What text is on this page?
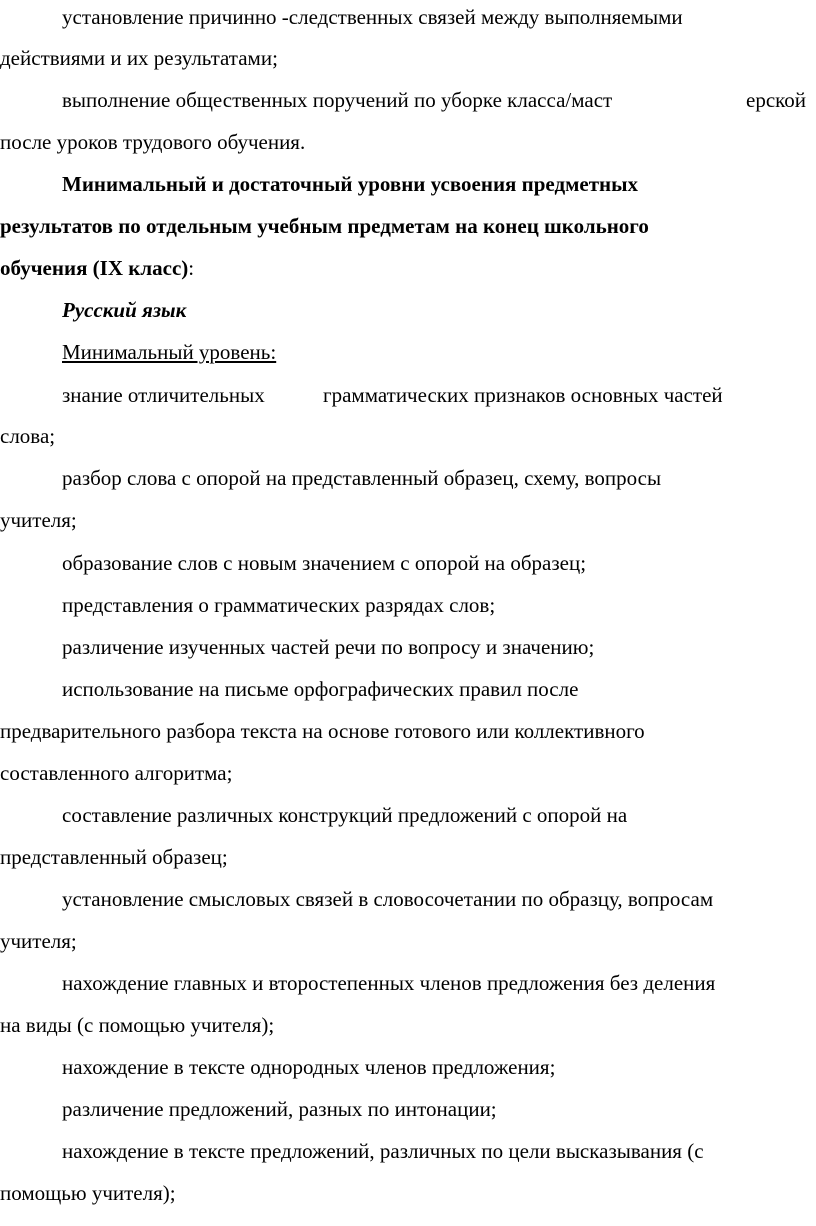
установление причинно -следственных связей между выполняемыми
действиями и их результатами;
выполнение общественных поручений по уборке класса/маст	ерской
после уроков трудового обучения.
Минимальный и достаточный уровни усвоения предметных
результатов по отдельным учебным предметам на конец школьного
обучения (IX класс):
Русский язык
Минимальный уровень:
знание отличительных	грамматических признаков основных частей
слова;
разбор слова с опорой на представленный образец, схему, вопросы
учителя;
образование слов с новым значением с опорой на образец;
представления о грамматических разрядах слов;
различение изученных частей речи по вопросу и значению;
использование на письме орфографических правил после
предварительного разбора текста на основе готового или коллективного
составленного алгоритма;
составление различных конструкций предложений с опорой на
представленный образец;
установление смысловых связей в словосочетании по образцу, вопросам
учителя;
нахождение главных и второстепенных членов предложения без деления
на виды (с помощью учителя);
нахождение в тексте однородных членов предложения;
различение предложений, разных по интонации;
нахождение в тексте предложений, различных по цели высказывания (с
помощью учителя);
